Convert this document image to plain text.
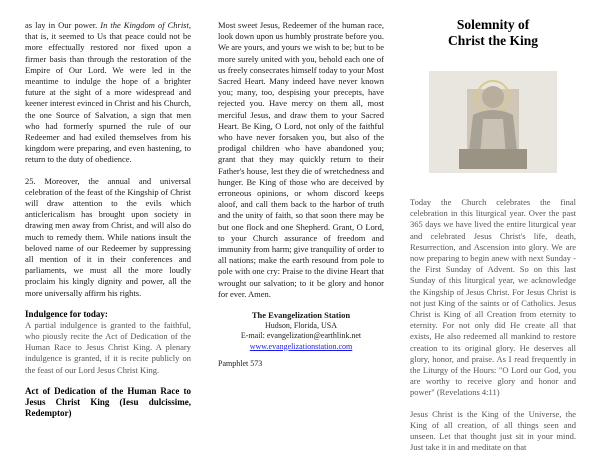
as lay in Our power. In the Kingdom of Christ, that is, it seemed to Us that peace could not be more effectually restored nor fixed upon a firmer basis than through the restoration of the Empire of Our Lord. We were led in the meantime to indulge the hope of a brighter future at the sight of a more widespread and keener interest evinced in Christ and his Church, the one Source of Salvation, a sign that men who had formerly spurned the rule of our Redeemer and had exiled themselves from his kingdom were preparing, and even hastening, to return to the duty of obedience.

25. Moreover, the annual and universal celebration of the feast of the Kingship of Christ will draw attention to the evils which anticlericalism has brought upon society in drawing men away from Christ, and will also do much to remedy them. While nations insult the beloved name of our Redeemer by suppressing all mention of it in their conferences and parliaments, we must all the more loudly proclaim his kingly dignity and power, all the more universally affirm his rights.

Indulgence for today:

A partial indulgence is granted to the faithful, who piously recite the Act of Dedication of the Human Race to Jesus Christ King. A plenary indulgence is granted, if it is recite publicly on the feast of our Lord Jesus Christ King.

Act of Dedication of the Human Race to Jesus Christ King (Iesu dulcissime, Redemptor)

Most sweet Jesus, Redeemer of the human race, look down upon us humbly prostrate before you. We are yours, and yours we wish to be; but to be more surely united with you, behold each one of us freely consecrates himself today to your Most Sacred Heart. Many indeed have never known you; many, too, despising your precepts, have rejected you. Have mercy on them all, most merciful Jesus, and draw them to your Sacred Heart. Be King, O Lord, not only of the faithful who have never forsaken you, but also of the prodigal children who have abandoned you; grant that they may quickly return to their Father's house, lest they die of wretchedness and hunger. Be King of those who are deceived by erroneous opinions, or whom discord keeps aloof, and call them back to the harbor of truth and the unity of faith, so that soon there may be but one flock and one Shepherd. Grant, O Lord, to your Church assurance of freedom and immunity from harm; give tranquility of order to all nations; make the earth resound from pole to pole with one cry: Praise to the divine Heart that wrought our salvation; to it be glory and honor for ever. Amen.

The Evangelization Station
Hudson, Florida, USA
E-mail: evangelization@earthlink.net
www.evangelizationstation.com
Pamphlet 573
Solemnity of
Christ the King

Today the Church celebrates the final celebration in this liturgical year. Over the past 365 days we have lived the entire liturgical year and celebrated Jesus Christ's life, death, Resurrection, and Ascension into glory. We are now preparing to begin anew with next Sunday - the First Sunday of Advent. So on this last Sunday of this liturgical year, we acknowledge the Kingship of Jesus Christ. For Jesus Christ is not just King of the saints or of Catholics. Jesus Christ is King of all Creation from eternity to eternity. For not only did He create all that exists, He also redeemed all mankind to restore creation to its original glory. He deserves all glory, honor, and praise. As I read frequently in the Liturgy of the Hours: "O Lord our God, you are worthy to receive glory and honor and power" (Revelations 4:11)

Jesus Christ is the King of the Universe, the King of all creation, of all things seen and unseen. Let that thought just sit in your mind. Just take it in and meditate on that
